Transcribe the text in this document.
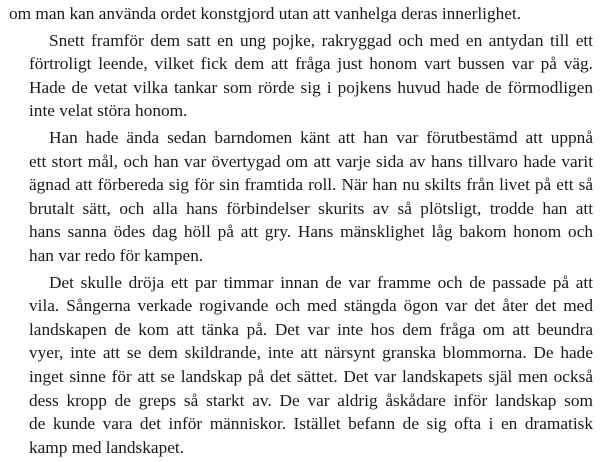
om man kan använda ordet konstgjord utan att vanhelga deras innerlighet.

Snett framför dem satt en ung pojke, rakryggad och med en antydan till ett
förtroligt leende, vilket fick dem att fråga just honom vart bussen var på väg.
Hade de vetat vilka tankar som rörde sig i pojkens huvud hade de förmodligen
inte velat störa honom.

Han hade ända sedan barndomen känt att han var förutbestämd att uppnå
ett stort mål, och han var övertygad om att varje sida av hans tillvaro hade varit
ägnad att förbereda sig för sin framtida roll. När han nu skilts från livet på ett så
brutalt sätt, och alla hans förbindelser skurits av så plötsligt, trodde han att
hans sanna ödes dag höll på att gry. Hans mänsklighet låg bakom honom och
han var redo för kampen.

Det skulle dröja ett par timmar innan de var framme och de passade på att
vila. Sångerna verkade rogivande och med stängda ögon var det åter det med
landskapen de kom att tänka på. Det var inte hos dem fråga om att beundra
vyer, inte att se dem skildrande, inte att närsynt granska blommorna. De hade
inget sinne för att se landskap på det sättet. Det var landskapets själ men också
dess kropp de greps så starkt av. De var aldrig åskådare inför landskap som
de kunde vara det inför människor. Istället befann de sig ofta i en dramatisk
kamp med landskapet.
